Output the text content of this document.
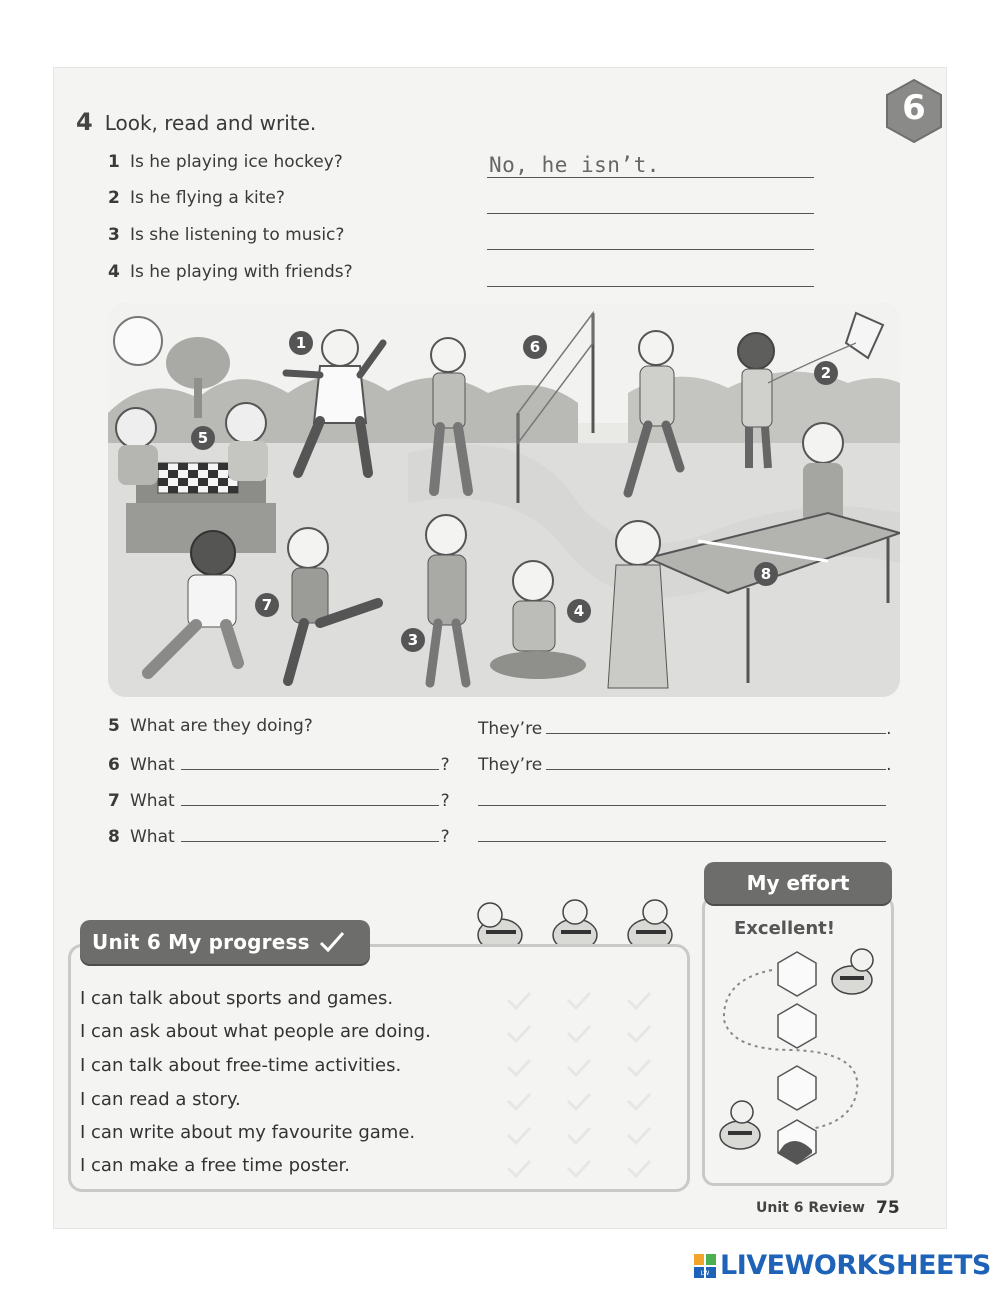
6
4 Look, read and write.
1 Is he playing ice hockey?	No, he isn’t.
2 Is he flying a kite?
3 Is she listening to music?
4 Is he playing with friends?
1
2
3
4
5
6
7
8
5 What are they doing?	They’re	.
6 What	? They’re	.
7 What	?
8 What	?
Unit 6 My progress
I can talk about sports and games.
I can ask about what people are doing.
I can talk about free-time activities.
I can read a story.
I can write about my favourite game.
I can make a free time poster.
My effort
Excellent!
Unit 6 Review 75
LW LIVEWORKSHEETS
